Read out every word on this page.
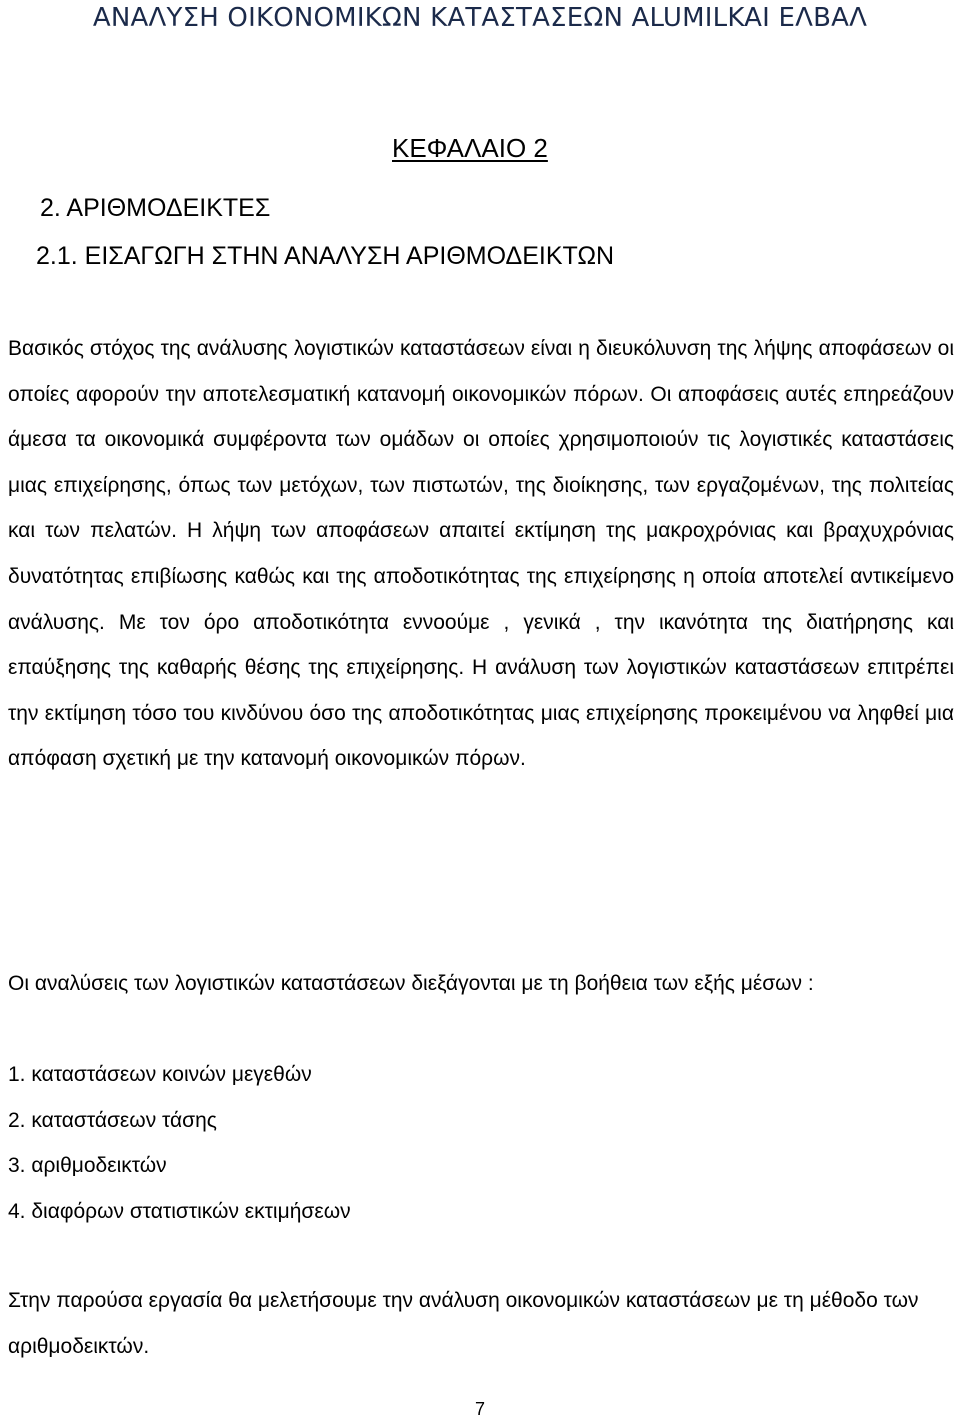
ΑΝΑΛΥΣΗ ΟΙΚΟΝΟΜΙΚΩΝ ΚΑΤΑΣΤΑΣΕΩΝ ALUMILKAI ΕΛΒΑΛ
ΚΕΦΑΛΑΙΟ 2
2. ΑΡΙΘΜΟΔΕΙΚΤΕΣ
2.1. ΕΙΣΑΓΩΓΗ ΣΤΗΝ ΑΝΑΛΥΣΗ ΑΡΙΘΜΟΔΕΙΚΤΩΝ

Βασικός στόχος της ανάλυσης λογιστικών καταστάσεων είναι η διευκόλυνση της λήψης αποφάσεων οι οποίες αφορούν την αποτελεσματική κατανομή οικονομικών πόρων. Οι αποφάσεις αυτές επηρεάζουν άμεσα τα οικονομικά συμφέροντα των ομάδων οι οποίες χρησιμοποιούν τις λογιστικές καταστάσεις μιας επιχείρησης, όπως των μετόχων, των πιστωτών, της διοίκησης, των εργαζομένων, της πολιτείας και των πελατών. Η λήψη των αποφάσεων απαιτεί εκτίμηση της μακροχρόνιας και βραχυχρόνιας δυνατότητας επιβίωσης καθώς και της αποδοτικότητας της επιχείρησης η οποία αποτελεί αντικείμενο ανάλυσης. Με τον όρο αποδοτικότητα εννοούμε , γενικά , την ικανότητα της διατήρησης και επαύξησης της καθαρής θέσης της επιχείρησης. Η ανάλυση των λογιστικών καταστάσεων επιτρέπει την εκτίμηση τόσο του κινδύνου όσο της αποδοτικότητας μιας επιχείρησης προκειμένου να ληφθεί μια απόφαση σχετική με την κατανομή οικονομικών πόρων.

Οι αναλύσεις των λογιστικών καταστάσεων διεξάγονται με τη βοήθεια των εξής μέσων :

1. καταστάσεων κοινών μεγεθών
2. καταστάσεων τάσης
3. αριθμοδεικτών
4. διαφόρων στατιστικών εκτιμήσεων

Στην παρούσα εργασία θα μελετήσουμε την ανάλυση οικονομικών καταστάσεων με τη μέθοδο των αριθμοδεικτών.

7
